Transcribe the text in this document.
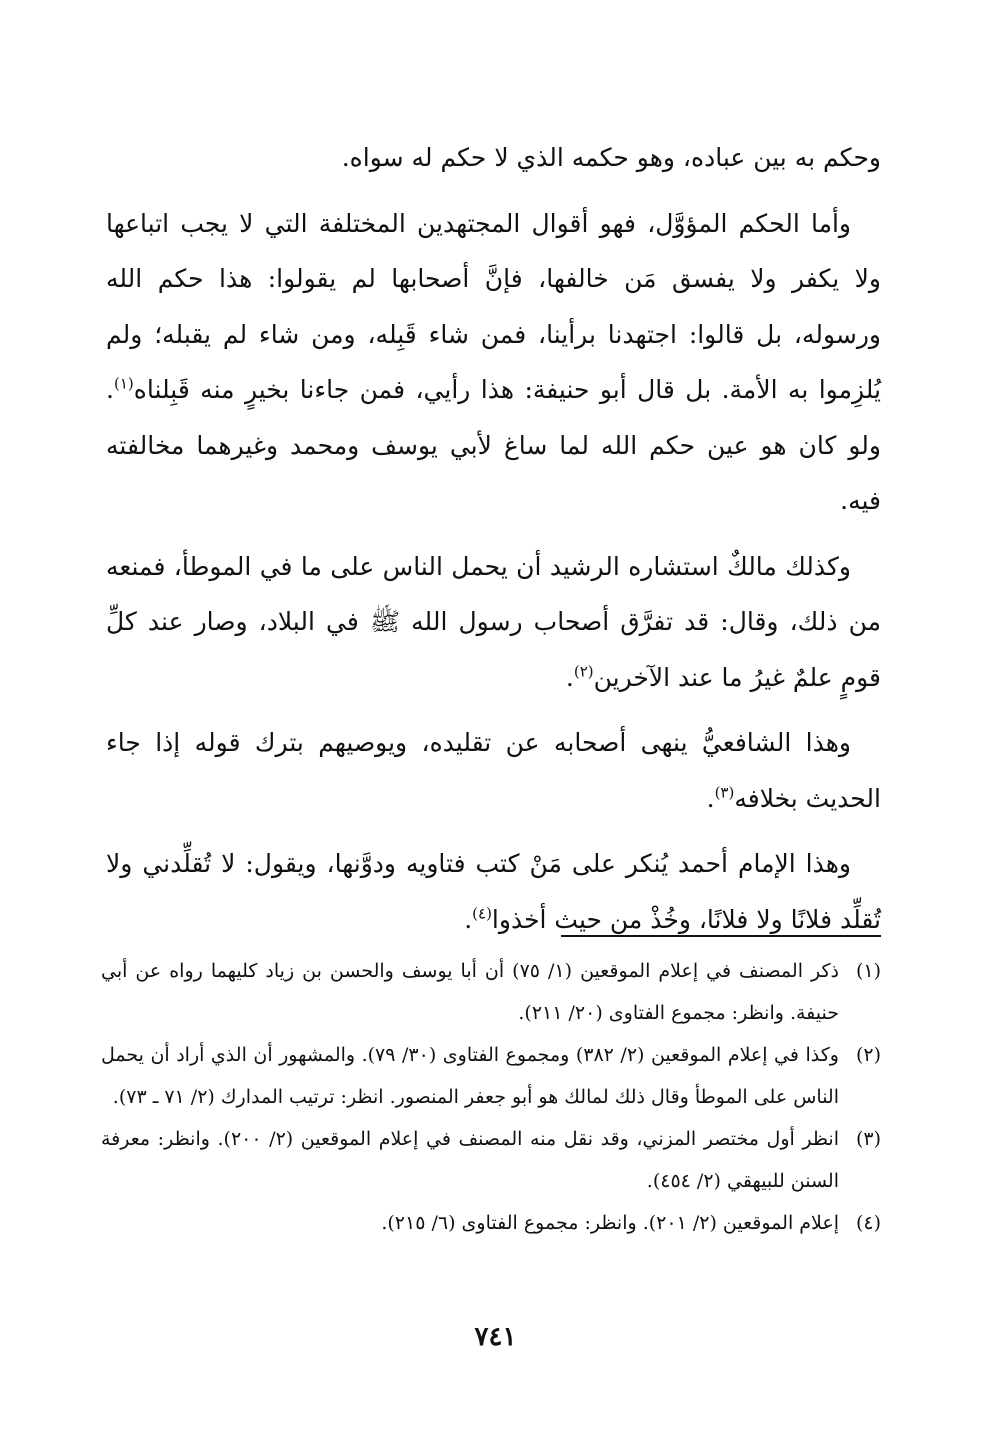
وحكم به بين عباده، وهو حكمه الذي لا حكم له سواه.

وأما الحكم المؤوَّل، فهو أقوال المجتهدين المختلفة التي لا يجب اتباعها ولا يكفر ولا يفسق مَن خالفها، فإنَّ أصحابها لم يقولوا: هذا حكم الله ورسوله، بل قالوا: اجتهدنا برأينا، فمن شاء قَبِله، ومن شاء لم يقبله؛ ولم يُلزِموا به الأمة. بل قال أبو حنيفة: هذا رأيي، فمن جاءنا بخيرٍ منه قَبِلناه$^{(١)}$. ولو كان هو عين حكم الله لما ساغ لأبي يوسف ومحمد وغيرهما مخالفته فيه.

وكذلك مالكٌ استشاره الرشيد أن يحمل الناس على ما في الموطأ، فمنعه من ذلك، وقال: قد تفرَّق أصحاب رسول الله ﷺ في البلاد، وصار عند كلِّ قومٍ علمٌ غيرُ ما عند الآخرين$^{(٢)}$.

وهذا الشافعيُّ ينهى أصحابه عن تقليده، ويوصيهم بترك قوله إذا جاء الحديث بخلافه$^{(٣)}$.

وهذا الإمام أحمد يُنكر على مَنْ كتب فتاويه ودوَّنها، ويقول: لا تُقلِّدني ولا تُقلِّد فلانًا ولا فلانًا، وخُذْ من حيث أخذوا$^{(٤)}$.

(١)
ذكر المصنف في إعلام الموقعين (١/ ٧٥) أن أبا يوسف والحسن بن زياد كليهما رواه عن أبي حنيفة. وانظر: مجموع الفتاوى (٢٠/ ٢١١).
(٢)
وكذا في إعلام الموقعين (٢/ ٣٨٢) ومجموع الفتاوى (٣٠/ ٧٩). والمشهور أن الذي أراد أن يحمل الناس على الموطأ وقال ذلك لمالك هو أبو جعفر المنصور. انظر: ترتيب المدارك (٢/ ٧١ ـ ٧٣).
(٣)
انظر أول مختصر المزني، وقد نقل منه المصنف في إعلام الموقعين (٢/ ٢٠٠). وانظر: معرفة السنن للبيهقي (٢/ ٤٥٤).
(٤)
إعلام الموقعين (٢/ ٢٠١). وانظر: مجموع الفتاوى (٦/ ٢١٥).
٧٤١
